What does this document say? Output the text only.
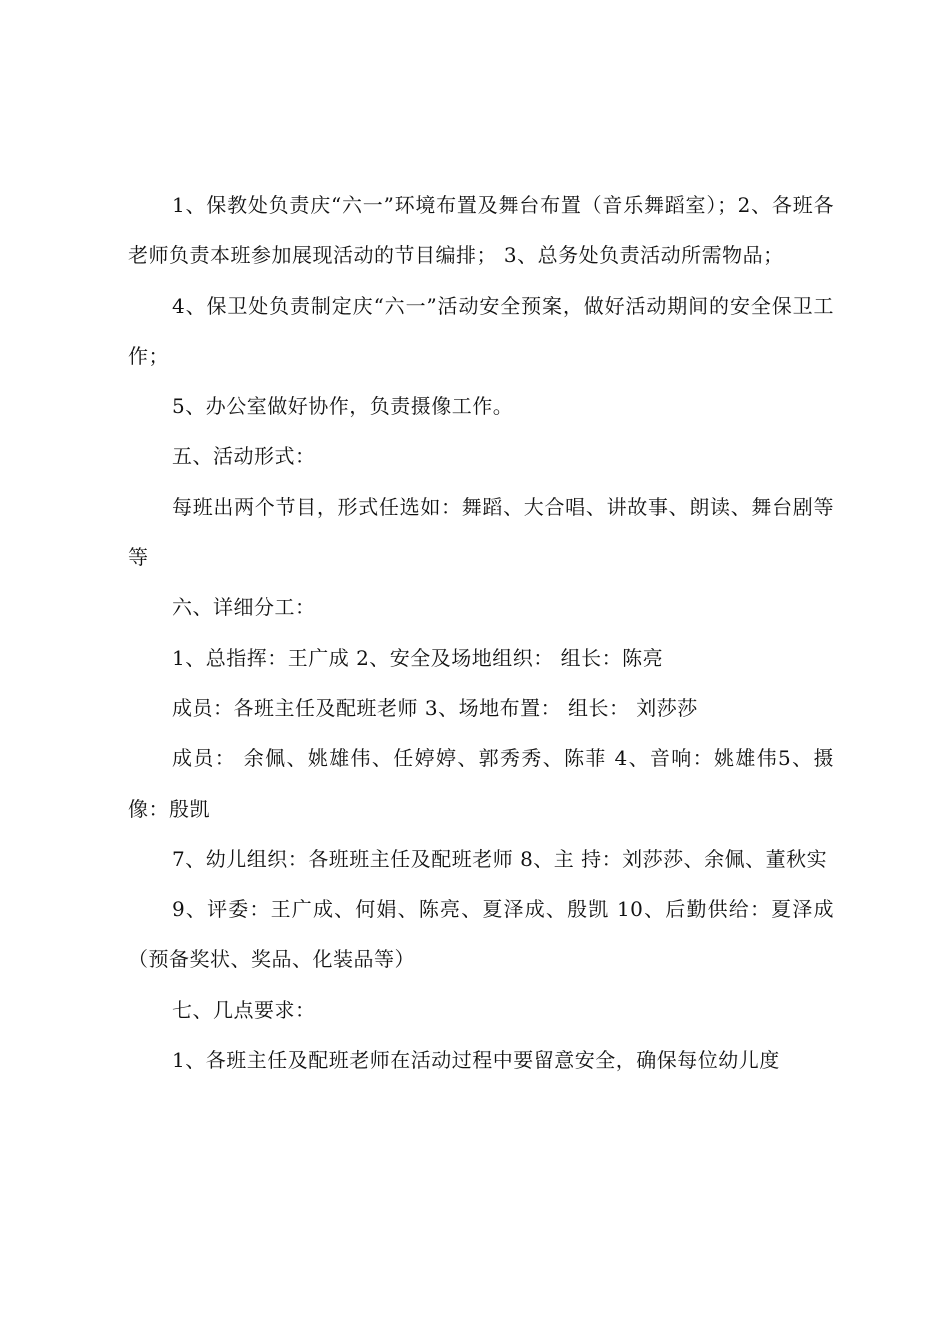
1、保教处负责庆“六一”环境布置及舞台布置（音乐舞蹈室）；2、各班各老师负责本班参加展现活动的节目编排； 3、总务处负责活动所需物品；

4、保卫处负责制定庆“六一”活动安全预案，做好活动期间的安全保卫工作；

5、办公室做好协作，负责摄像工作。

五、活动形式：

每班出两个节目，形式任选如：舞蹈、大合唱、讲故事、朗读、舞台剧等等

六、详细分工：

1、总指挥：王广成 2、安全及场地组织： 组长：陈亮

成员：各班主任及配班老师 3、场地布置： 组长： 刘莎莎

成员： 余佩、姚雄伟、任婷婷、郭秀秀、陈菲 4、音响：姚雄伟5、摄像：殷凯

7、幼儿组织：各班班主任及配班老师 8、主 持：刘莎莎、余佩、董秋实

9、评委：王广成、何娟、陈亮、夏泽成、殷凯 10、后勤供给：夏泽成（预备奖状、奖品、化装品等）

七、几点要求：

1、各班主任及配班老师在活动过程中要留意安全，确保每位幼儿度
